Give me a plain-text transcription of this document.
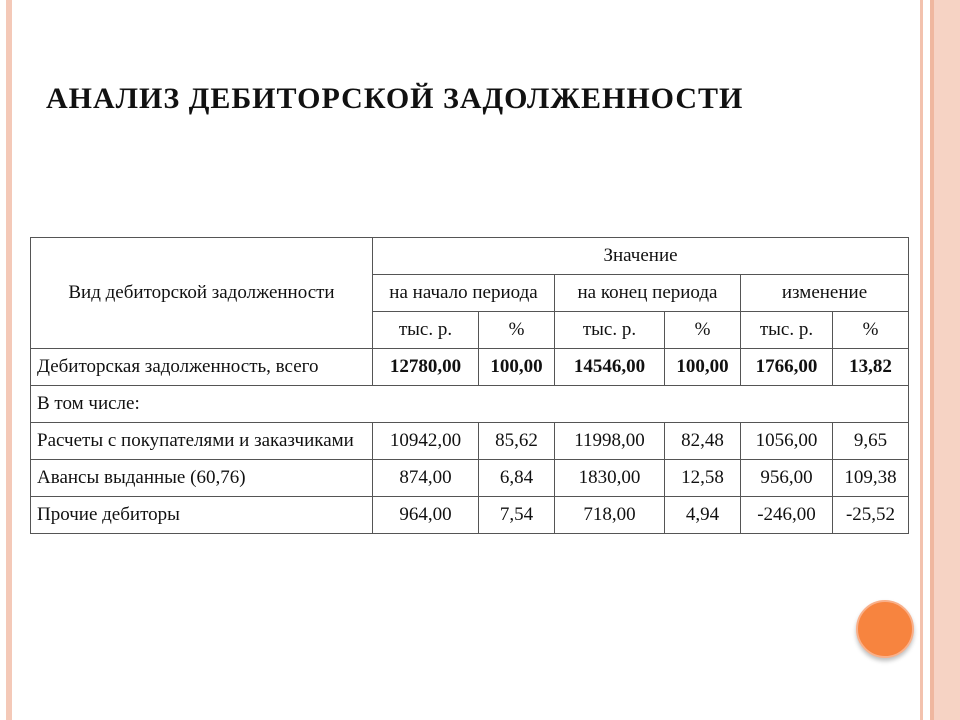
АНАЛИЗ ДЕБИТОРСКОЙ ЗАДОЛЖЕННОСТИ
Вид дебиторской задолженности	Значение					
	на начало периода		на конец периода		изменение	
	тыс. р.	%	тыс. р.	%	тыс. р.	%
Дебиторская задолженность, всего	12780,00	100,00	14546,00	100,00	1766,00	13,82
В том числе:						
Расчеты с покупателями и заказчиками	10942,00	85,62	11998,00	82,48	1056,00	9,65
Авансы выданные (60,76)	874,00	6,84	1830,00	12,58	956,00	109,38
Прочие дебиторы	964,00	7,54	718,00	4,94	-246,00	-25,52
